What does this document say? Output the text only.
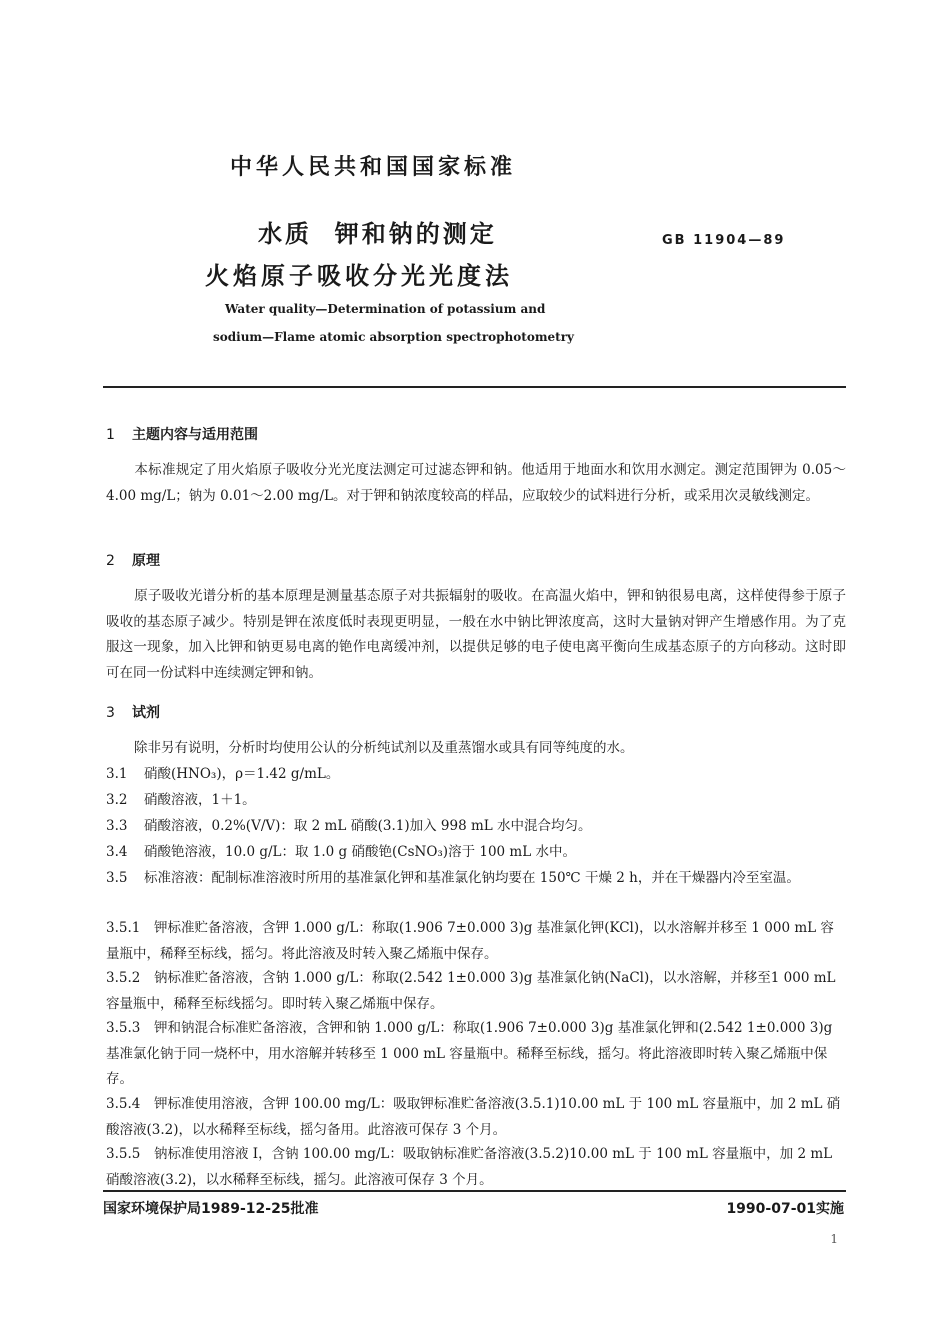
中华人民共和国国家标准
水质  钾和钠的测定
火焰原子吸收分光光度法
GB 11904—89
Water quality—Determination of potassium and
sodium—Flame atomic absorption spectrophotometry
1 主题内容与适用范围
本标准规定了用火焰原子吸收分光光度法测定可过滤态钾和钠。他适用于地面水和饮用水测定。测定范围钾为 0.05～4.00 mg/L；钠为 0.01～2.00 mg/L。对于钾和钠浓度较高的样品，应取较少的试料进行分析，或采用次灵敏线测定。
2 原理
原子吸收光谱分析的基本原理是测量基态原子对共振辐射的吸收。在高温火焰中，钾和钠很易电离，这样使得参于原子吸收的基态原子减少。特别是钾在浓度低时表现更明显，一般在水中钠比钾浓度高，这时大量钠对钾产生增感作用。为了克服这一现象，加入比钾和钠更易电离的铯作电离缓冲剂，以提供足够的电子使电离平衡向生成基态原子的方向移动。这时即可在同一份试料中连续测定钾和钠。
3 试剂
除非另有说明，分析时均使用公认的分析纯试剂以及重蒸馏水或具有同等纯度的水。
3.1 硝酸(HNO₃)，ρ＝1.42 g/mL。
3.2 硝酸溶液，1＋1。
3.3 硝酸溶液，0.2%(V/V)：取 2 mL 硝酸(3.1)加入 998 mL 水中混合均匀。
3.4 硝酸铯溶液，10.0 g/L：取 1.0 g 硝酸铯(CsNO₃)溶于 100 mL 水中。
3.5 标准溶液：配制标准溶液时所用的基准氯化钾和基准氯化钠均要在 150℃ 干燥 2 h，并在干燥器内冷至室温。
3.5.1 钾标准贮备溶液，含钾 1.000 g/L：称取(1.906 7±0.000 3)g 基准氯化钾(KCl)，以水溶解并移至 1 000 mL 容量瓶中，稀释至标线，摇匀。将此溶液及时转入聚乙烯瓶中保存。
3.5.2 钠标准贮备溶液，含钠 1.000 g/L：称取(2.542 1±0.000 3)g 基准氯化钠(NaCl)，以水溶解，并移至1 000 mL容量瓶中，稀释至标线摇匀。即时转入聚乙烯瓶中保存。
3.5.3 钾和钠混合标准贮备溶液，含钾和钠 1.000 g/L：称取(1.906 7±0.000 3)g 基准氯化钾和(2.542 1±0.000 3)g 基准氯化钠于同一烧杯中，用水溶解并转移至 1 000 mL 容量瓶中。稀释至标线，摇匀。将此溶液即时转入聚乙烯瓶中保存。
3.5.4 钾标准使用溶液，含钾 100.00 mg/L：吸取钾标准贮备溶液(3.5.1)10.00 mL 于 100 mL 容量瓶中，加 2 mL 硝酸溶液(3.2)，以水稀释至标线，摇匀备用。此溶液可保存 3 个月。
3.5.5 钠标准使用溶液 I，含钠 100.00 mg/L：吸取钠标准贮备溶液(3.5.2)10.00 mL 于 100 mL 容量瓶中，加 2 mL 硝酸溶液(3.2)，以水稀释至标线，摇匀。此溶液可保存 3 个月。
国家环境保护局1989-12-25批准	1990-07-01实施
1
